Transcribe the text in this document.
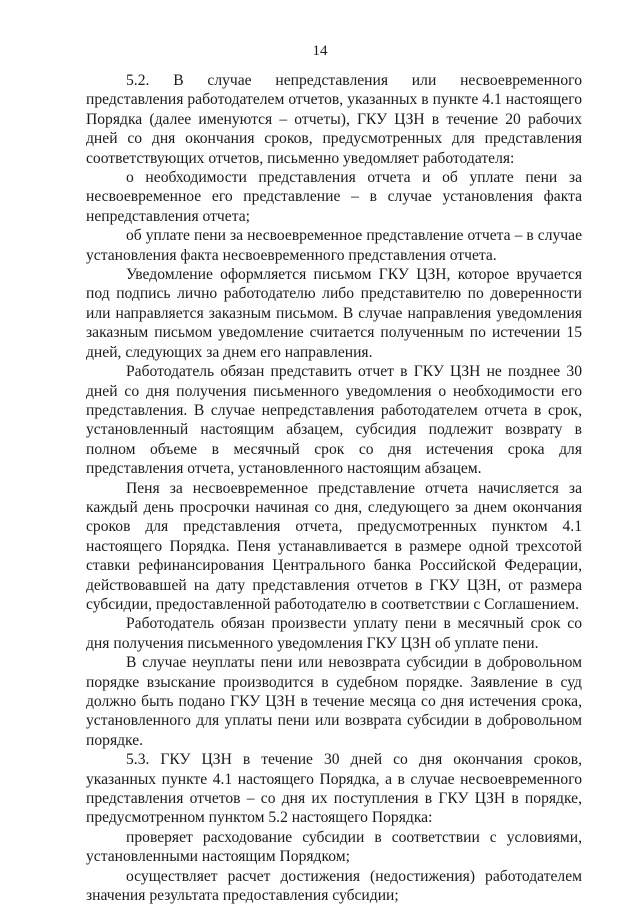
14

5.2. В случае непредставления или несвоевременного представления работодателем отчетов, указанных в пункте 4.1 настоящего Порядка (далее именуются – отчеты), ГКУ ЦЗН в течение 20 рабочих дней со дня окончания сроков, предусмотренных для представления соответствующих отчетов, письменно уведомляет работодателя:

о необходимости представления отчета и об уплате пени за несвоевременное его представление – в случае установления факта непредставления отчета;

об уплате пени за несвоевременное представление отчета – в случае установления факта несвоевременного представления отчета.

Уведомление оформляется письмом ГКУ ЦЗН, которое вручается под подпись лично работодателю либо представителю по доверенности или направляется заказным письмом. В случае направления уведомления заказным письмом уведомление считается полученным по истечении 15 дней, следующих за днем его направления.

Работодатель обязан представить отчет в ГКУ ЦЗН не позднее 30 дней со дня получения письменного уведомления о необходимости его представления. В случае непредставления работодателем отчета в срок, установленный настоящим абзацем, субсидия подлежит возврату в полном объеме в месячный срок со дня истечения срока для представления отчета, установленного настоящим абзацем.

Пеня за несвоевременное представление отчета начисляется за каждый день просрочки начиная со дня, следующего за днем окончания сроков для представления отчета, предусмотренных пунктом 4.1 настоящего Порядка. Пеня устанавливается в размере одной трехсотой ставки рефинансирования Центрального банка Российской Федерации, действовавшей на дату представления отчетов в ГКУ ЦЗН, от размера субсидии, предоставленной работодателю в соответствии с Соглашением.

Работодатель обязан произвести уплату пени в месячный срок со дня получения письменного уведомления ГКУ ЦЗН об уплате пени.

В случае неуплаты пени или невозврата субсидии в добровольном порядке взыскание производится в судебном порядке. Заявление в суд должно быть подано ГКУ ЦЗН в течение месяца со дня истечения срока, установленного для уплаты пени или возврата субсидии в добровольном порядке.

5.3. ГКУ ЦЗН в течение 30 дней со дня окончания сроков, указанных пункте 4.1 настоящего Порядка, а в случае несвоевременного представления отчетов – со дня их поступления в ГКУ ЦЗН в порядке, предусмотренном пунктом 5.2 настоящего Порядка:

проверяет расходование субсидии в соответствии с условиями, установленными настоящим Порядком;

осуществляет расчет достижения (недостижения) работодателем значения результата предоставления субсидии;
